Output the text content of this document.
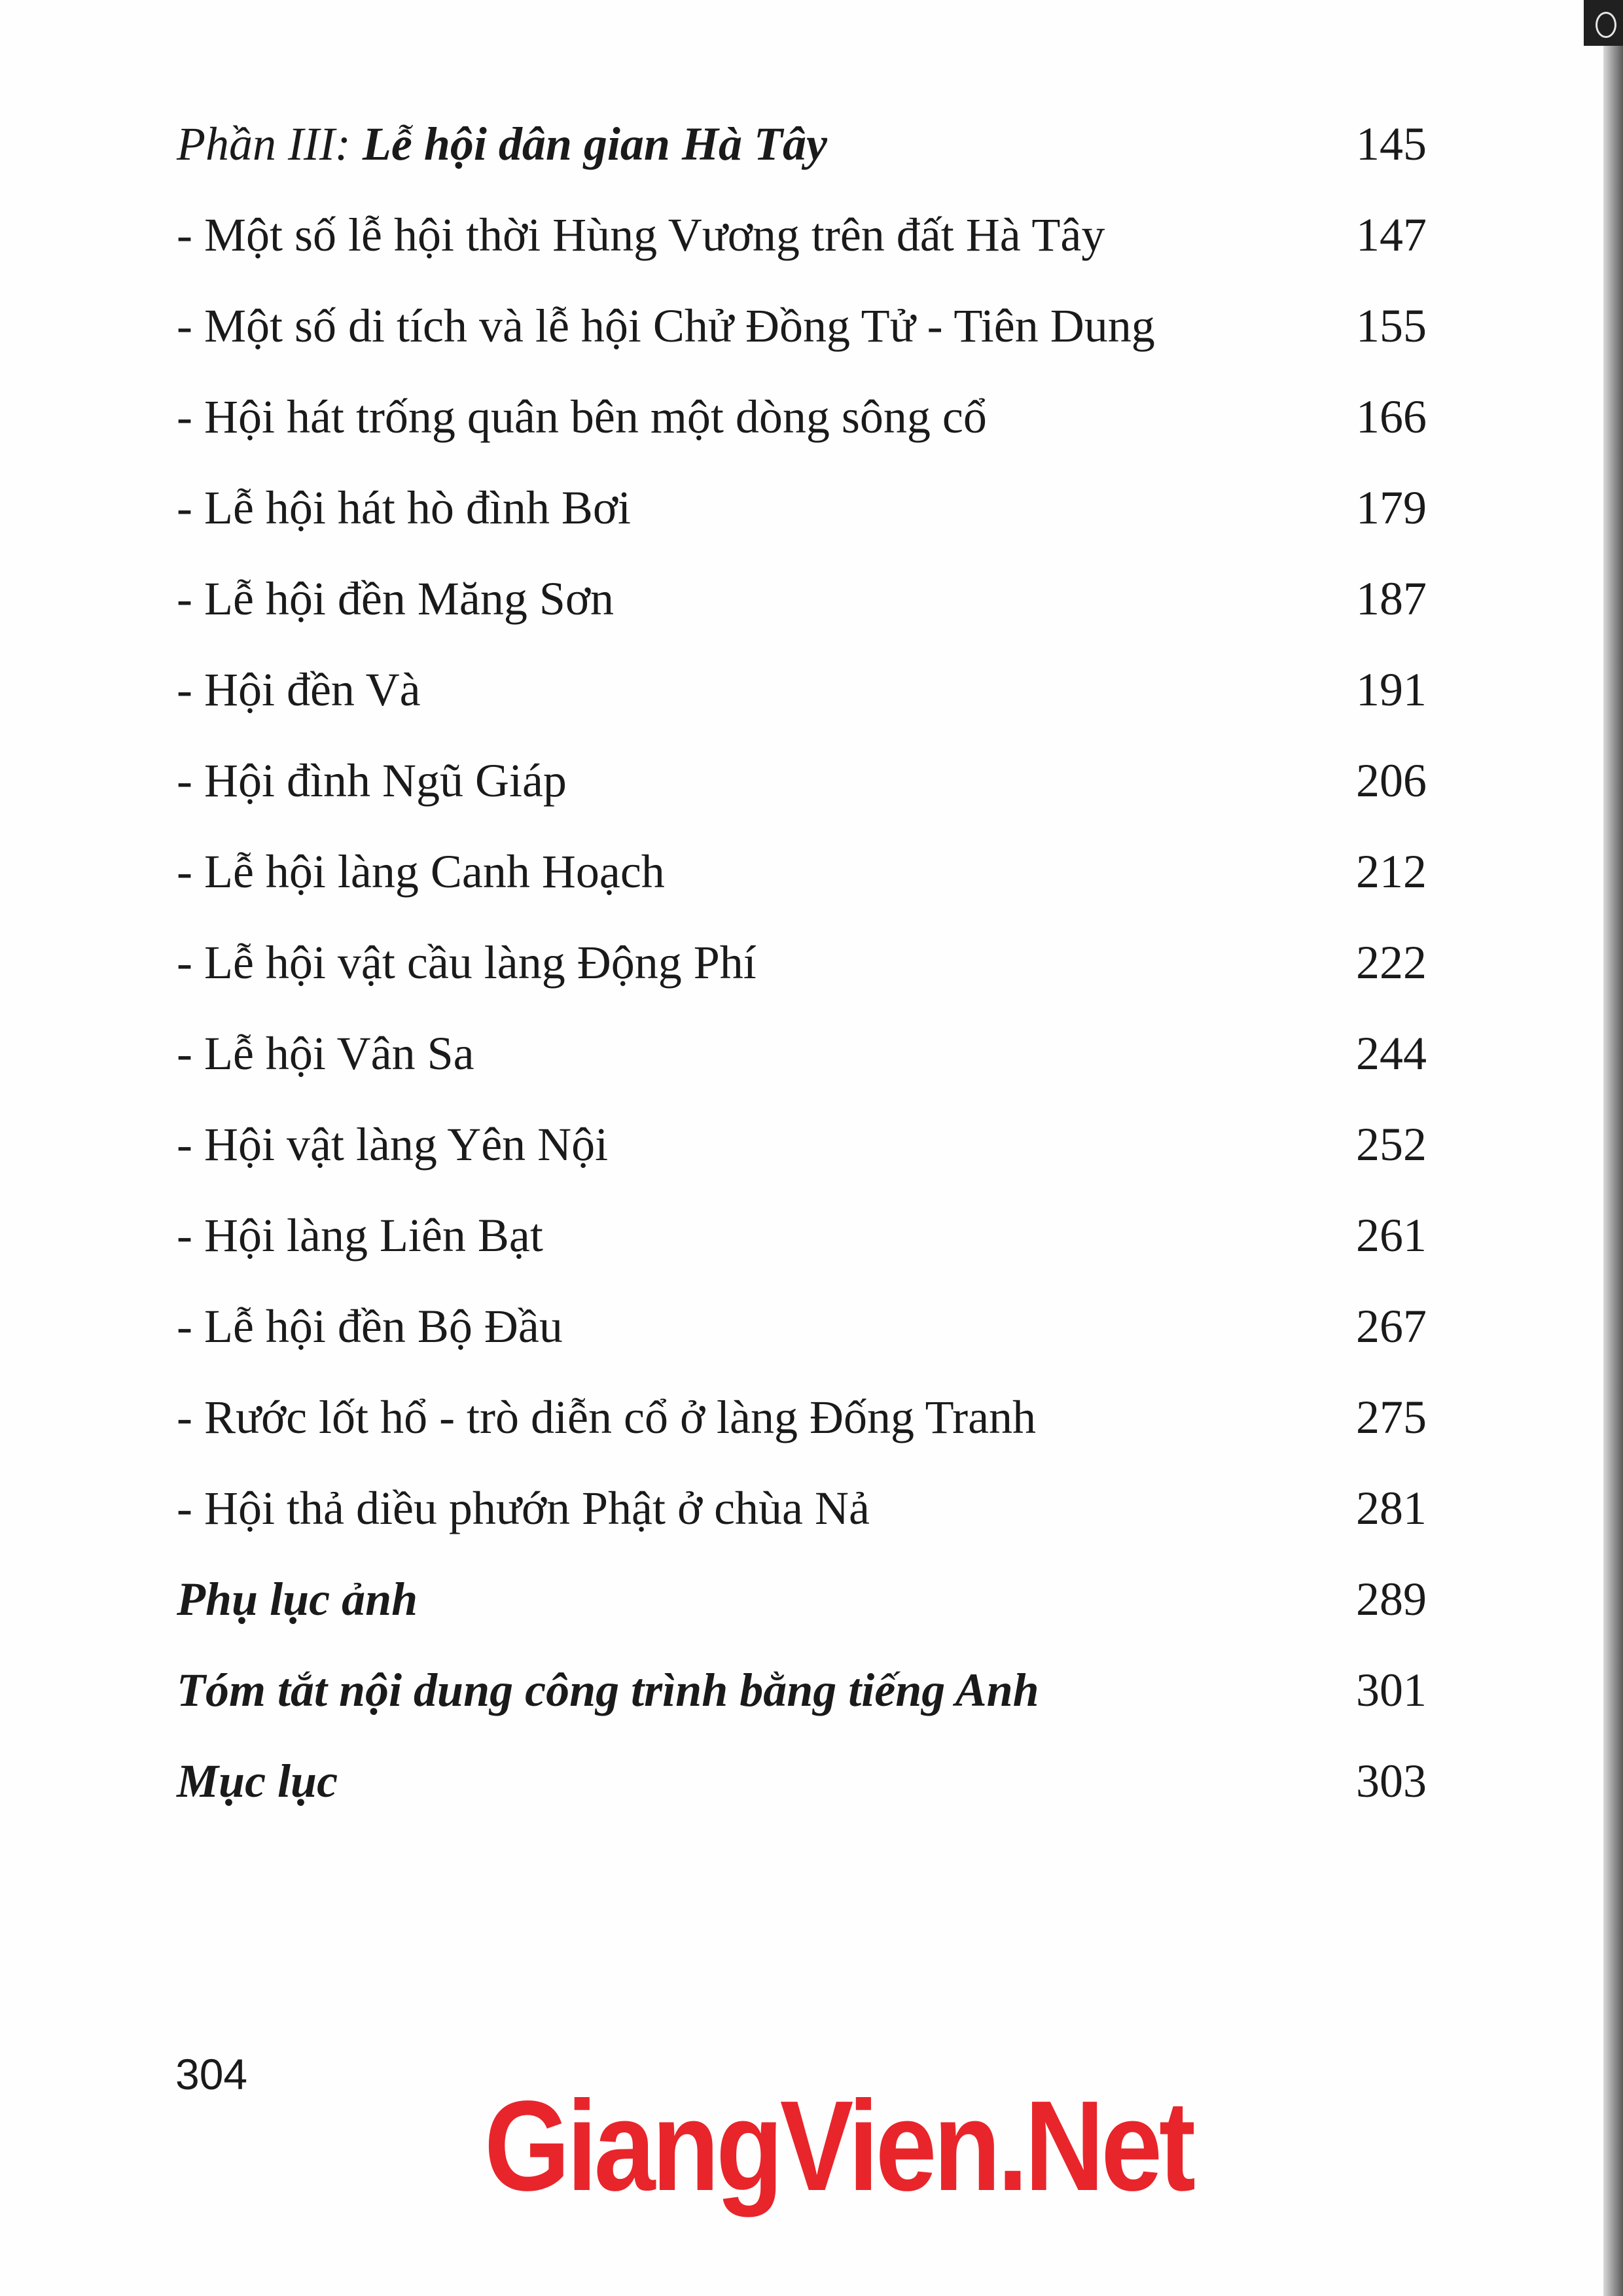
Phần III: Lễ hội dân gian Hà Tây	145
- Một số lễ hội thời Hùng Vương trên đất Hà Tây	147
- Một số di tích và lễ hội Chử Đồng Tử - Tiên Dung	155
- Hội hát trống quân bên một dòng sông cổ	166
- Lễ hội hát hò đình Bơi	179
- Lễ hội đền Măng Sơn	187
- Hội đền Và	191
- Hội đình Ngũ Giáp	206
- Lễ hội làng Canh Hoạch	212
- Lễ hội vật cầu làng Động Phí	222
- Lễ hội Vân Sa	244
- Hội vật làng Yên Nội	252
- Hội làng Liên Bạt	261
- Lễ hội đền Bộ Đầu	267
- Rước lốt hổ - trò diễn cổ ở làng Đống Tranh	275
- Hội thả diều phướn Phật ở chùa Nả	281
Phụ lục ảnh	289
Tóm tắt nội dung công trình bằng tiếng Anh	301
Mục lục	303
304 GiangVien.Net
